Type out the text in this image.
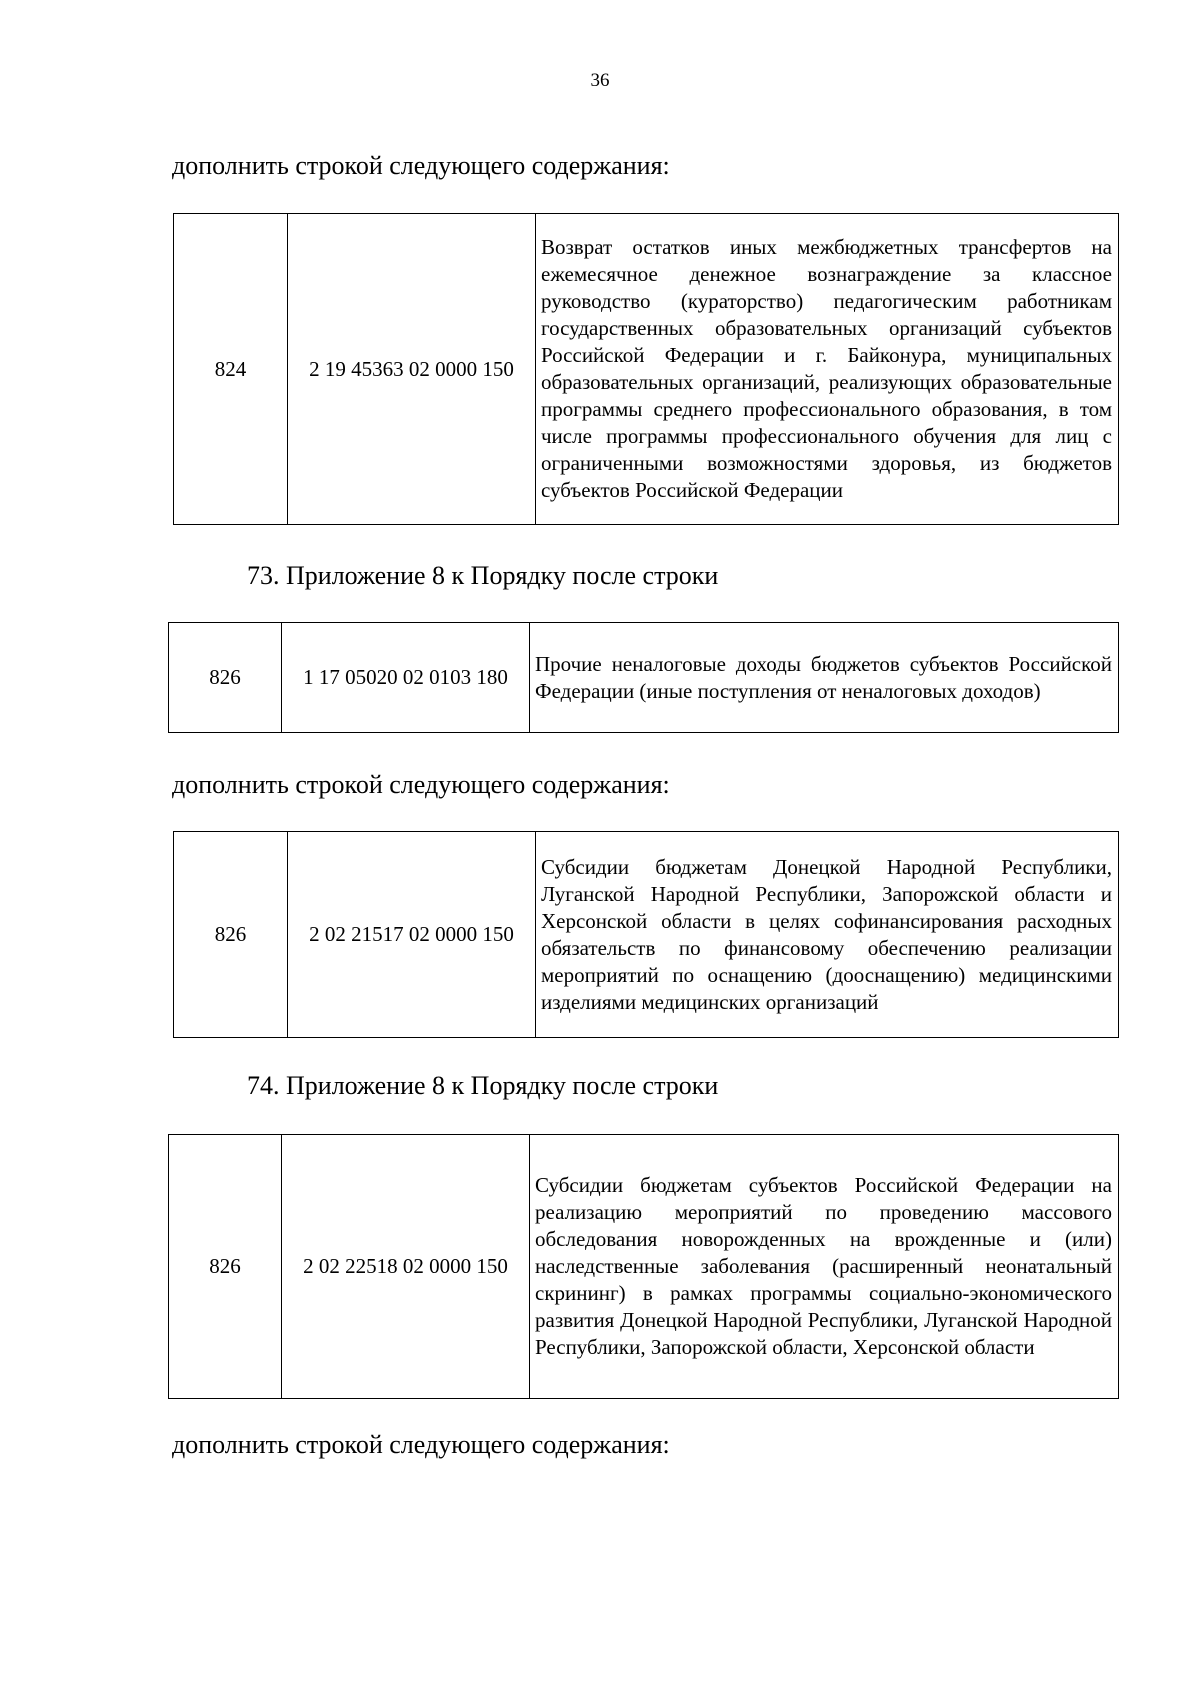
36
дополнить строкой следующего содержания:
824	2 19 45363 02 0000 150	Возврат остатков иных межбюджетных трансфертов на ежемесячное денежное вознаграждение за классное руководство (кураторство) педагогическим работникам государственных образовательных организаций субъектов Российской Федерации и г. Байконура, муниципальных образовательных организаций, реализующих образовательные программы среднего профессионального образования, в том числе программы профессионального обучения для лиц с ограниченными возможностями здоровья, из бюджетов субъектов Российской Федерации
73. Приложение 8 к Порядку после строки
826	1 17 05020 02 0103 180	Прочие неналоговые доходы бюджетов субъектов Российской Федерации (иные поступления от неналоговых доходов)
дополнить строкой следующего содержания:
826	2 02 21517 02 0000 150	Субсидии бюджетам Донецкой Народной Республики, Луганской Народной Республики, Запорожской области и Херсонской области в целях софинансирования расходных обязательств по финансовому обеспечению реализации мероприятий по оснащению (дооснащению) медицинскими изделиями медицинских организаций
74. Приложение 8 к Порядку после строки
826	2 02 22518 02 0000 150	Субсидии бюджетам субъектов Российской Федерации на реализацию мероприятий по проведению массового обследования новорожденных на врожденные и (или) наследственные заболевания (расширенный неонатальный скрининг) в рамках программы социально-экономического развития Донецкой Народной Республики, Луганской Народной Республики, Запорожской области, Херсонской области
дополнить строкой следующего содержания:
